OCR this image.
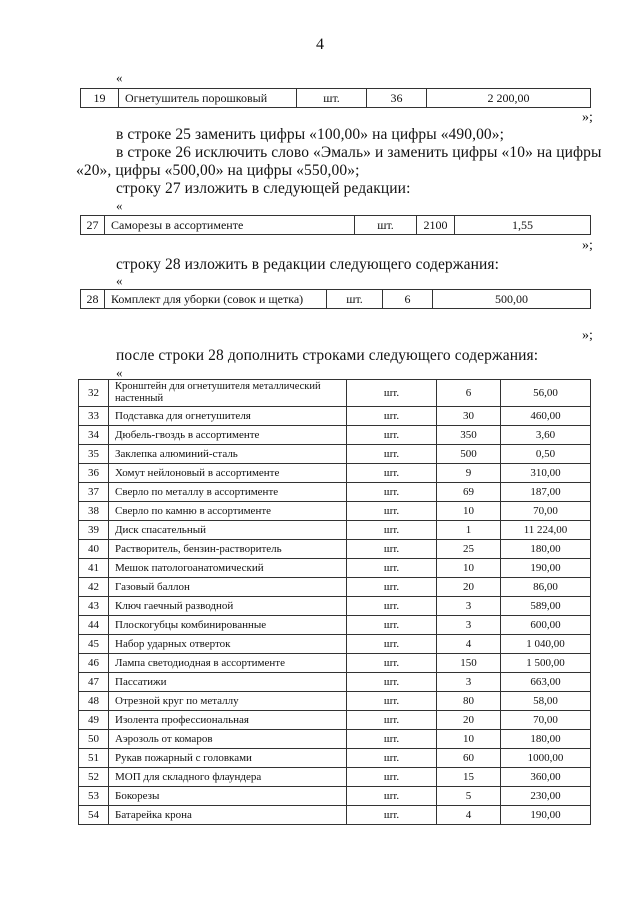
4
«
19	Огнетушитель порошковый	шт.	36	2 200,00
»;
в строке 25 заменить цифры «100,00» на цифры «490,00»;
в строке 26 исключить слово «Эмаль» и заменить цифры «10» на цифры
«20», цифры «500,00» на цифры «550,00»;
строку 27 изложить в следующей редакции:
«
27	Саморезы в ассортименте	шт.	2100	1,55
»;
строку 28 изложить в редакции следующего содержания:
«
28	Комплект для уборки (совок и щетка)	шт.	6	500,00
»;
после строки 28 дополнить строками следующего содержания:
«
32	Кронштейн для огнетушителя металлический настенный	шт.	6	56,00
33	Подставка для огнетушителя	шт.	30	460,00
34	Дюбель-гвоздь в ассортименте	шт.	350	3,60
35	Заклепка алюминий-сталь	шт.	500	0,50
36	Хомут нейлоновый в ассортименте	шт.	9	310,00
37	Сверло по металлу в ассортименте	шт.	69	187,00
38	Сверло по камню в ассортименте	шт.	10	70,00
39	Диск спасательный	шт.	1	11 224,00
40	Растворитель, бензин-растворитель	шт.	25	180,00
41	Мешок патологоанатомический	шт.	10	190,00
42	Газовый баллон	шт.	20	86,00
43	Ключ гаечный разводной	шт.	3	589,00
44	Плоскогубцы комбинированные	шт.	3	600,00
45	Набор ударных отверток	шт.	4	1 040,00
46	Лампа светодиодная в ассортименте	шт.	150	1 500,00
47	Пассатижи	шт.	3	663,00
48	Отрезной круг по металлу	шт.	80	58,00
49	Изолента профессиональная	шт.	20	70,00
50	Аэрозоль от комаров	шт.	10	180,00
51	Рукав пожарный с головками	шт.	60	1000,00
52	МОП для складного флаундера	шт.	15	360,00
53	Бокорезы	шт.	5	230,00
54	Батарейка крона	шт.	4	190,00
